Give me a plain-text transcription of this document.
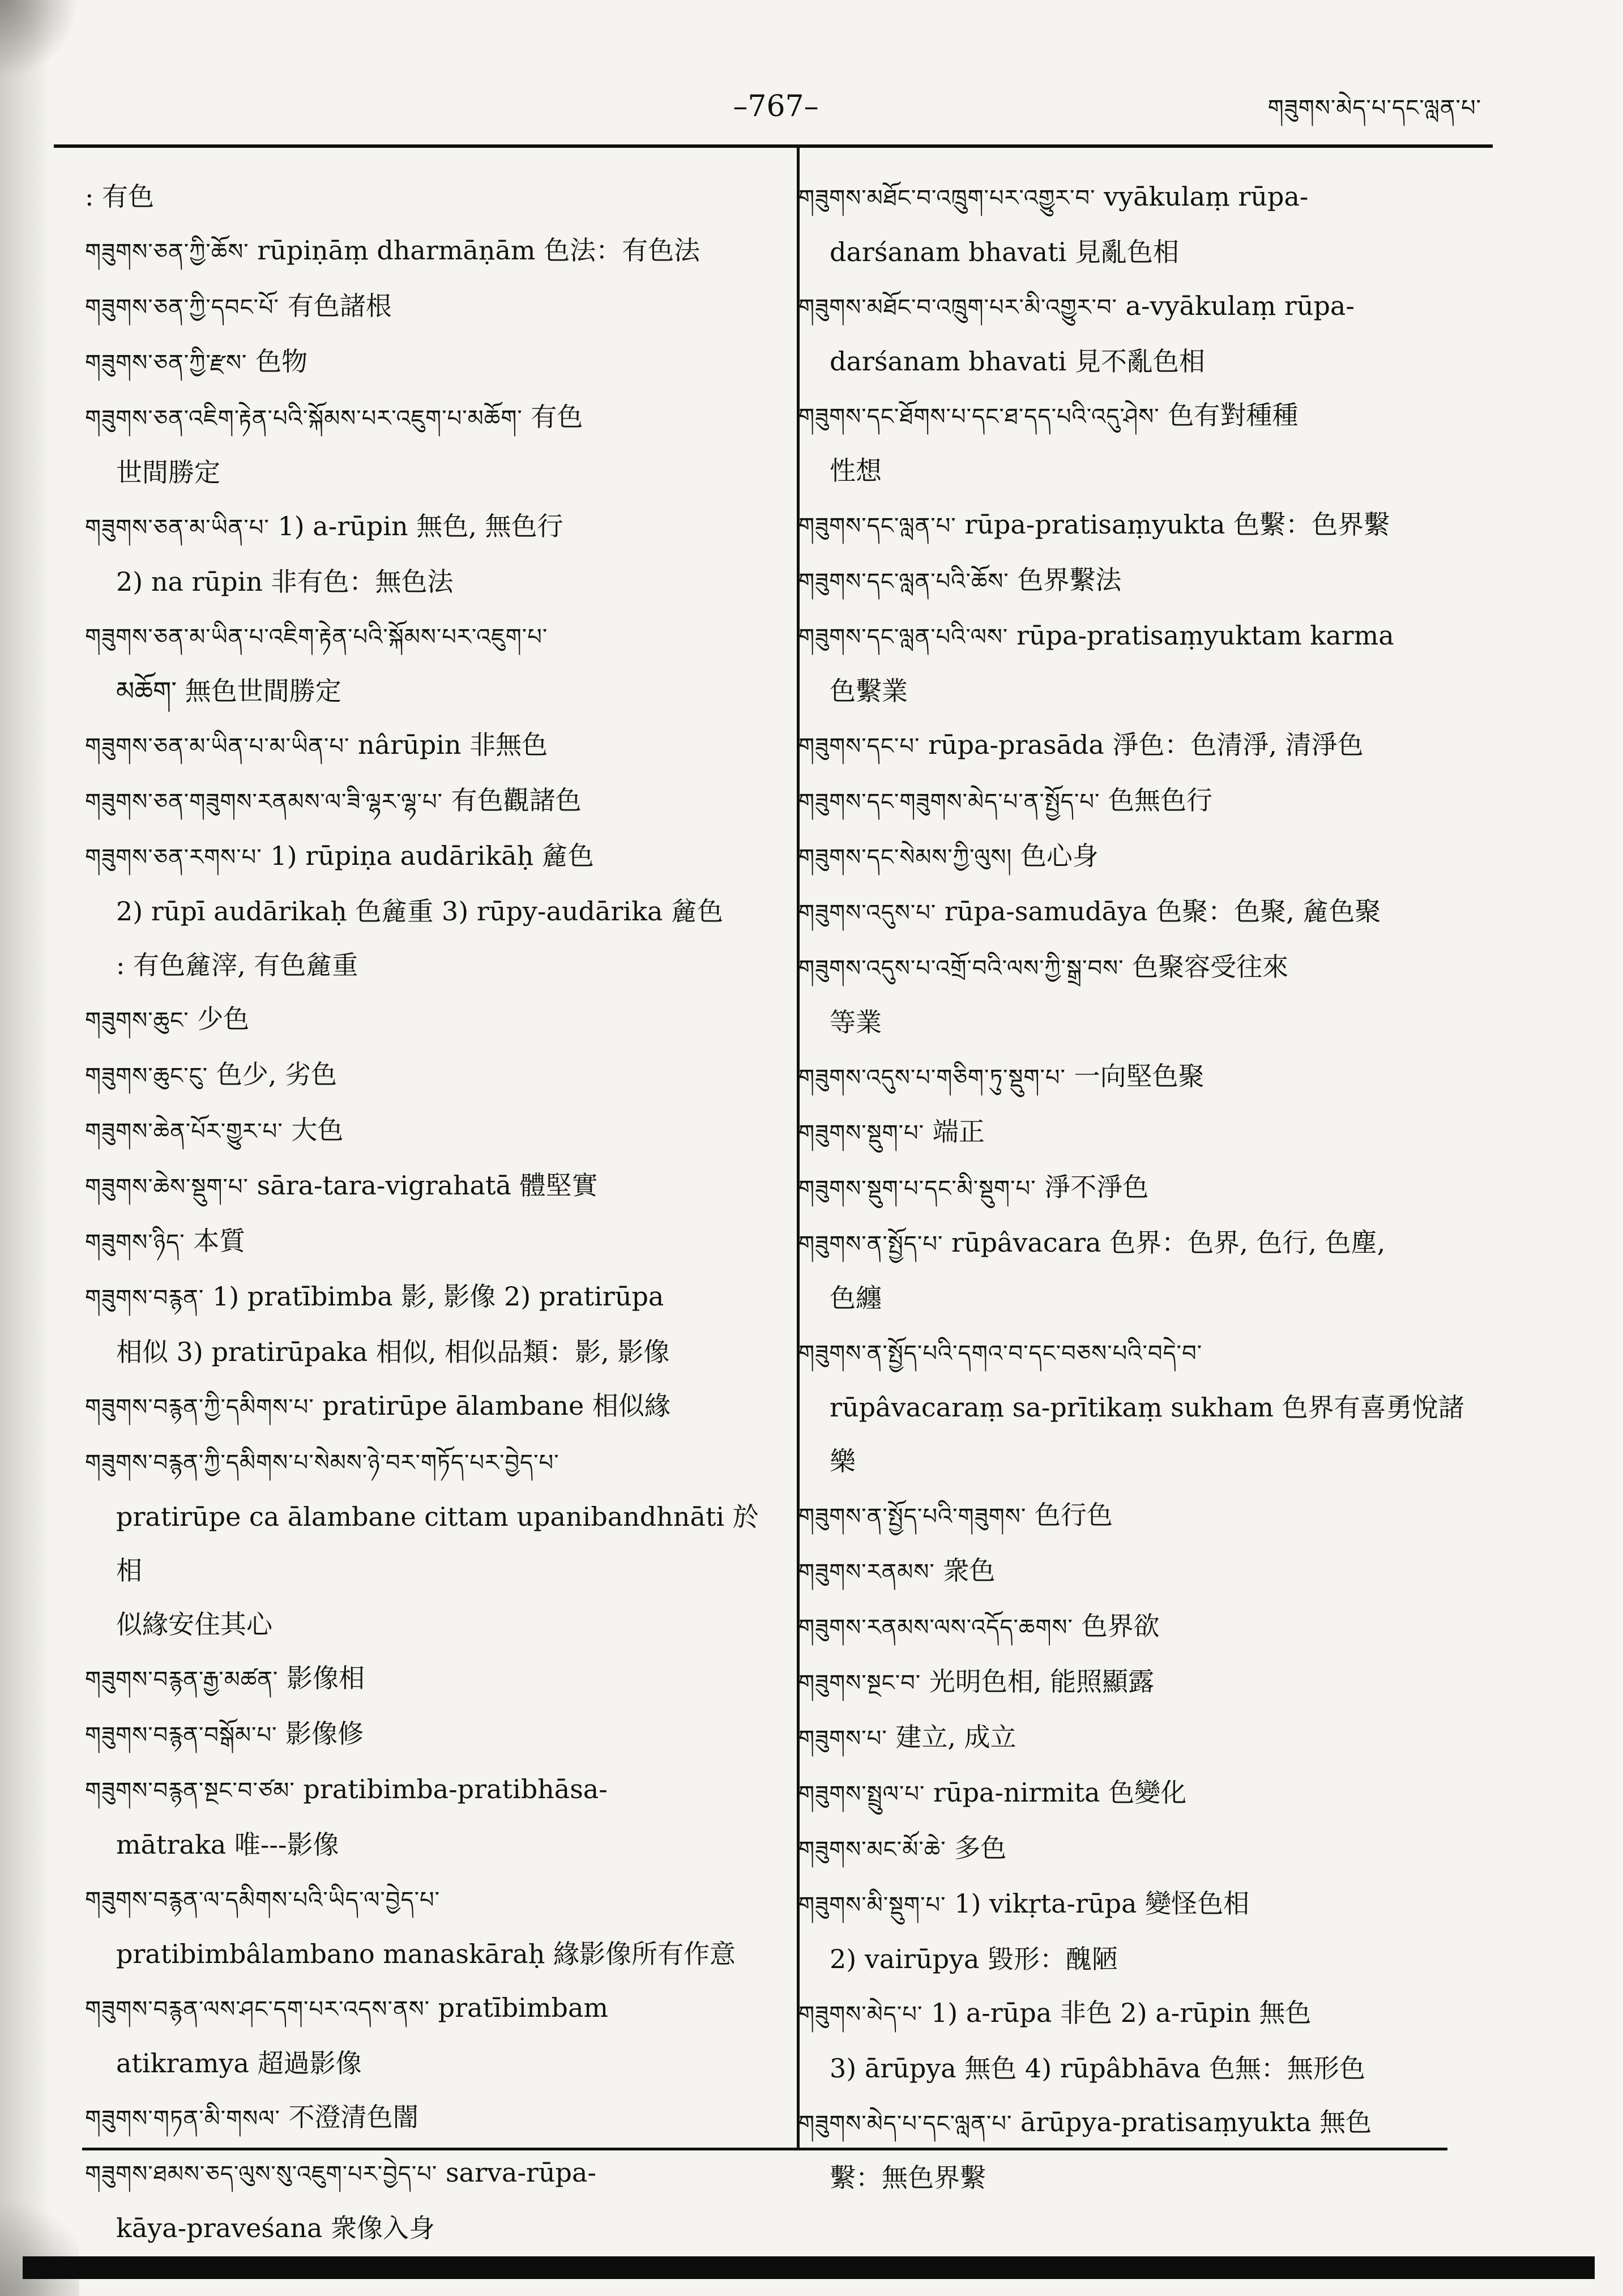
–767–	གཟུགས་མེད་པ་དང་ལླན་པ་
: 有色
གཟུགས་ཅན་ཀྱི་ཆོས་ rūpiṇāṃ dharmāṇām 色法：有色法
གཟུགས་ཅན་ཀྱི་དབང་པོ་ 有色諸根
གཟུགས་ཅན་ཀྱི་རྫས་ 色物
གཟུགས་ཅན་འཇིག་རྟེན་པའི་སྐོམས་པར་འཇུག་པ་མཆོག་ 有色
世間勝定
གཟུགས་ཅན་མ་ཡིན་པ་ 1) a-rūpin 無色, 無色行
2) na rūpin 非有色：無色法
གཟུགས་ཅན་མ་ཡིན་པ་འཇིག་རྟེན་པའི་སྐོམས་པར་འཇུག་པ་
མཆོག་ 無色世間勝定
གཟུགས་ཅན་མ་ཡིན་པ་མ་ཡིན་པ་ nârūpin 非無色
གཟུགས་ཅན་གཟུགས་རནམས་ལ་ཟི་ལྷར་ལྷ་པ་ 有色觀諸色
གཟུགས་ཅན་རགས་པ་ 1) rūpiṇa audārikāḥ 麄色
2) rūpī audārikaḥ 色麄重 3) rūpy-audārika 麄色
: 有色麄滓, 有色麄重
གཟུགས་ཆུང་ 少色
གཟུགས་ཆུང་ངུ་ 色少, 劣色
གཟུགས་ཆེན་པོར་གྱུར་པ་ 大色
གཟུགས་ཆེས་སྡུག་པ་ sāra-tara-vigrahatā 體堅實
གཟུགས་ཉིད་ 本質
གཟུགས་བརྙན་ 1) pratībimba 影, 影像 2) pratirūpa
相似 3) pratirūpaka 相似, 相似品類：影, 影像
གཟུགས་བརྙན་ཀྱི་དམིགས་པ་ pratirūpe ālambane 相似緣
གཟུགས་བརྙན་ཀྱི་དམིགས་པ་སེམས་ཉེ་བར་གཏོད་པར་བྱེད་པ་
pratirūpe ca ālambane cittam upanibandhnāti 於相
似緣安住其心
གཟུགས་བརྙན་རྒྱ་མཚན་ 影像相
གཟུགས་བརྙན་བསྒོམ་པ་ 影像修
གཟུགས་བརྙན་སྔང་བ་ཙམ་ pratibimba-pratibhāsa-
mātraka 唯---影像
གཟུགས་བརྙན་ལ་དམིགས་པའི་ཡིད་ལ་བྱེད་པ་
pratibimbâlambano manaskāraḥ 緣影像所有作意
གཟུགས་བརྙན་ལས་ཤང་དག་པར་འདས་ནས་ pratībimbam
atikramya 超過影像
གཟུགས་གཏན་མི་གསལ་ 不澄清色闇
གཟུགས་ཐམས་ཅད་ལུས་སུ་འཇུག་པར་བྱེད་པ་ sarva-rūpa-
kāya-praveśana 衆像入身
གཟུགས་མཐོང་བ་འཁྲུག་པར་འགྱུར་བ་ vyākulaṃ rūpa-
darśanam bhavati 見亂色相
གཟུགས་མཐོང་བ་འཁྲུག་པར་མི་འགྱུར་བ་ a-vyākulaṃ rūpa-
darśanam bhavati 見不亂色相
གཟུགས་དང་ཐོགས་པ་དང་ཐ་དད་པའི་འདུ་ཤེས་ 色有對種種
性想
གཟུགས་དང་ལླན་པ་ rūpa-pratisaṃyukta 色繫：色界繫
གཟུགས་དང་ལླན་པའི་ཆོས་ 色界繫法
གཟུགས་དང་ལླན་པའི་ལས་ rūpa-pratisaṃyuktam karma
色繫業
གཟུགས་དང་པ་ rūpa-prasāda 淨色：色清淨, 清淨色
གཟུགས་དང་གཟུགས་མེད་པ་ན་སྤྱོད་པ་ 色無色行
གཟུགས་དང་སེམས་ཀྱི་ལུས། 色心身
གཟུགས་འདུས་པ་ rūpa-samudāya 色聚：色聚, 麄色聚
གཟུགས་འདུས་པ་འགྲོ་བའི་ལས་ཀྱི་སྒྲ་བས་ 色聚容受往來
等業
གཟུགས་འདུས་པ་གཅིག་ཏུ་སྡུག་པ་ 一向堅色聚
གཟུགས་སྡུག་པ་ 端正
གཟུགས་སྡུག་པ་དང་མི་སྡུག་པ་ 淨不淨色
གཟུགས་ན་སྤྱོད་པ་ rūpâvacara 色界：色界, 色行, 色塵,
色纏
གཟུགས་ན་སྤྱོད་པའི་དགའ་བ་དང་བཅས་པའི་བདེ་བ་
rūpâvacaraṃ sa-prītikaṃ sukham 色界有喜勇悅諸
樂
གཟུགས་ན་སྤྱོད་པའི་གཟུགས་ 色行色
གཟུགས་རནམས་ 衆色
གཟུགས་རནམས་ལས་འདོད་ཆགས་ 色界欲
གཟུགས་སྔང་བ་ 光明色相, 能照顯露
གཟུགས་པ་ 建立, 成立
གཟུགས་སྤྲུལ་པ་ rūpa-nirmita 色變化
གཟུགས་མང་མོ་ཆེ་ 多色
གཟུགས་མི་སྡུག་པ་ 1) vikṛta-rūpa 變怪色相
2) vairūpya 毀形：醜陋
གཟུགས་མེད་པ་ 1) a-rūpa 非色 2) a-rūpin 無色
3) ārūpya 無色 4) rūpâbhāva 色無：無形色
གཟུགས་མེད་པ་དང་ལླན་པ་ ārūpya-pratisaṃyukta 無色
繫：無色界繫
